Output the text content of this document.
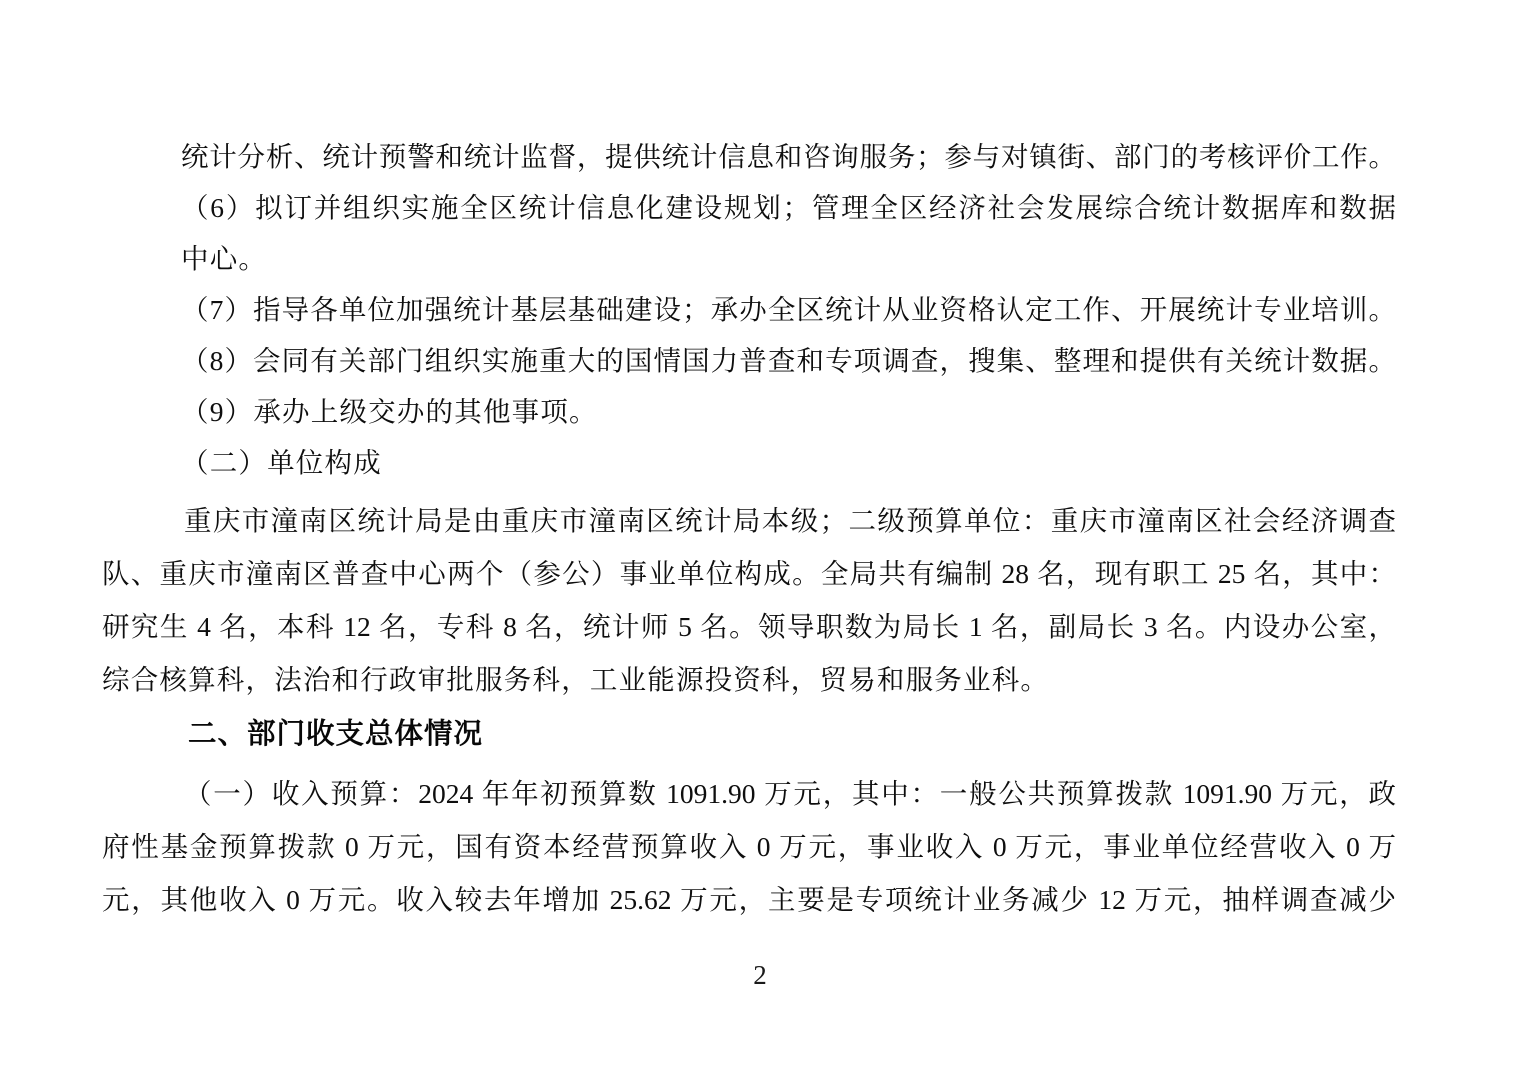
统计分析、统计预警和统计监督，提供统计信息和咨询服务；参与对镇街、部门的考核评价工作。
（6）拟订并组织实施全区统计信息化建设规划；管理全区经济社会发展综合统计数据库和数据
中心。
（7）指导各单位加强统计基层基础建设；承办全区统计从业资格认定工作、开展统计专业培训。
（8）会同有关部门组织实施重大的国情国力普查和专项调查，搜集、整理和提供有关统计数据。
（9）承办上级交办的其他事项。
（二）单位构成
重庆市潼南区统计局是由重庆市潼南区统计局本级；二级预算单位：重庆市潼南区社会经济调查
队、重庆市潼南区普查中心两个（参公）事业单位构成。全局共有编制 28 名，现有职工 25 名，其中：
研究生 4 名，本科 12 名，专科 8 名，统计师 5 名。领导职数为局长 1 名，副局长 3 名。内设办公室，
综合核算科，法治和行政审批服务科，工业能源投资科，贸易和服务业科。
二、部门收支总体情况
（一）收入预算：2024 年年初预算数 1091.90 万元，其中：一般公共预算拨款 1091.90 万元，政
府性基金预算拨款 0 万元，国有资本经营预算收入 0 万元，事业收入 0 万元，事业单位经营收入 0 万
元，其他收入 0 万元。收入较去年增加 25.62 万元，主要是专项统计业务减少 12 万元，抽样调查减少
2
